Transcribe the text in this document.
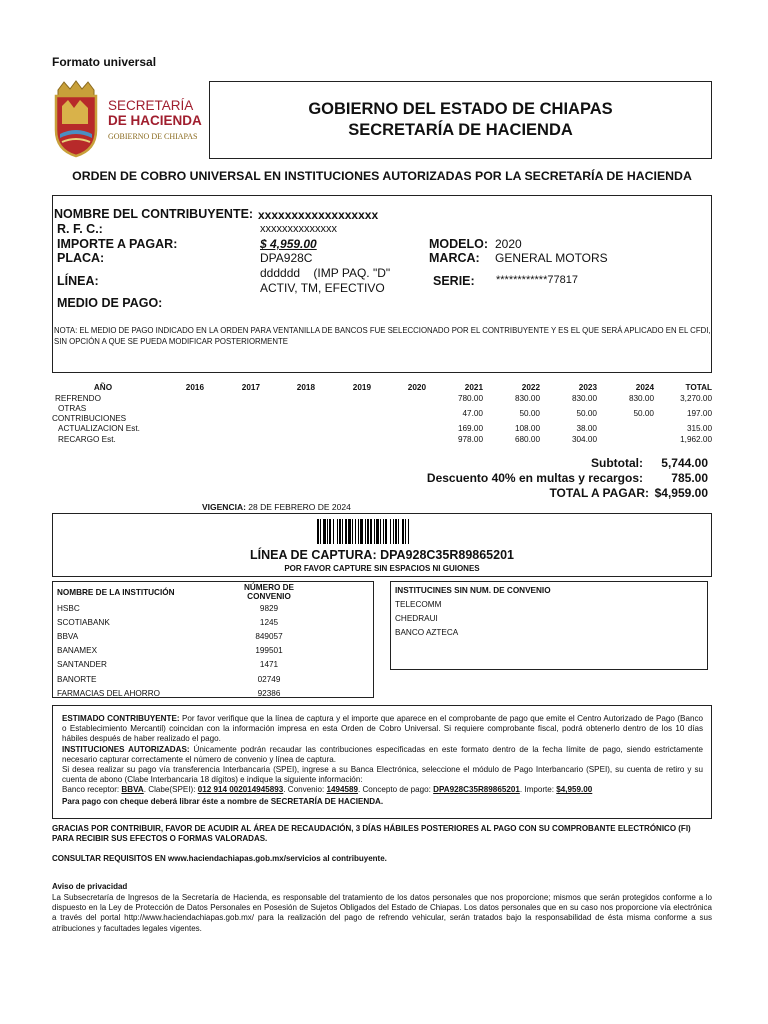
Formato universal
SECRETARÍA
DE HACIENDA
GOBIERNO DE CHIAPAS
GOBIERNO DEL ESTADO DE CHIAPAS
SECRETARÍA DE HACIENDA
ORDEN DE COBRO UNIVERSAL EN INSTITUCIONES AUTORIZADAS POR LA SECRETARÍA DE HACIENDA
NOMBRE DEL CONTRIBUYENTE: xxxxxxxxxxxxxxxxxx
R. F. C.:	xxxxxxxxxxxxxx
IMPORTE A PAGAR:	$ 4,959.00
PLACA:	DPA928C
LÍNEA:
dddddd    (IMP PAQ. "D"
ACTIV, TM, EFECTIVO
MEDIO DE PAGO:
MODELO: 2020
MARCA: GENERAL MOTORS
SERIE: ************77817
NOTA: EL MEDIO DE PAGO INDICADO EN LA ORDEN PARA VENTANILLA DE BANCOS FUE SELECCIONADO POR EL CONTRIBUYENTE Y ES EL QUE SERÁ APLICADO EN EL CFDI, SIN OPCIÓN A QUE SE PUEDA MODIFICAR POSTERIORMENTE
AÑO	2016	2017	2018	2019	2020	2021	2022	2023	2024	TOTAL
REFRENDO						780.00	830.00	830.00	830.00	3,270.00
OTRAS
CONTRIBUCIONES						47.00	50.00	50.00	50.00	197.00
ACTUALIZACION Est.						169.00	108.00	38.00		315.00
RECARGO Est.						978.00	680.00	304.00		1,962.00
Subtotal:	5,744.00
Descuento 40% en multas y recargos:	785.00
TOTAL A PAGAR: $4,959.00
VIGENCIA: 28 DE FEBRERO DE 2024
LÍNEA DE CAPTURA: DPA928C35R89865201
POR FAVOR CAPTURE SIN ESPACIOS NI GUIONES
NOMBRE DE LA INSTITUCIÓN	NÚMERO DE CONVENIO	
HSBC	9829	
SCOTIABANK	1245	
BBVA	849057	
BANAMEX	199501	
SANTANDER	1471	
BANORTE	02749	
FARMACIAS DEL AHORRO	92386	
INSTITUCINES SIN NUM. DE CONVENIO
TELECOMM
CHEDRAUI
BANCO AZTECA

ESTIMADO CONTRIBUYENTE: Por favor verifique que la línea de captura y el importe que aparece en el comprobante de pago que emite el Centro Autorizado de Pago (Banco o Establecimiento Mercantil) coincidan con la información impresa en esta Orden de Cobro Universal. Si requiere comprobante fiscal, podrá obtenerlo dentro de los 10 días hábiles después de haber realizado el pago.

INSTITUCIONES AUTORIZADAS: Únicamente podrán recaudar las contribuciones especificadas en este formato dentro de la fecha límite de pago, siendo estrictamente necesario capturar correctamente el número de convenio y línea de captura.

Si desea realizar su pago vía transferencia Interbancaria (SPEI), ingrese a su Banca Electrónica, seleccione el módulo de Pago Interbancario (SPEI), su cuenta de retiro y su cuenta de abono (Clabe Interbancaria 18 dígitos) e indique la siguiente información:

Banco receptor: BBVA. Clabe(SPEI): 012 914 002014945893. Convenio: 1494589. Concepto de pago: DPA928C35R89865201. Importe: $4,959.00

Para pago con cheque deberá librar éste a nombre de SECRETARÍA DE HACIENDA.

GRACIAS POR CONTRIBUIR, FAVOR DE ACUDIR AL ÁREA DE RECAUDACIÓN, 3 DÍAS HÁBILES POSTERIORES AL PAGO CON SU COMPROBANTE ELECTRÓNICO (FI)
PARA RECIBIR SUS EFECTOS O FORMAS VALORADAS.
CONSULTAR REQUISITOS EN www.haciendachiapas.gob.mx/servicios al contribuyente.
Aviso de privacidad
La Subsecretaría de Ingresos de la Secretaría de Hacienda, es responsable del tratamiento de los datos personales que nos proporcione; mismos que serán protegidos conforme a lo dispuesto en la Ley de Protección de Datos Personales en Posesión de Sujetos Obligados del Estado de Chiapas. Los datos personales que en su caso nos proporcione vía electrónica a través del portal http://www.haciendachiapas.gob.mx/ para la realización del pago de refrendo vehicular, serán tratados bajo la responsabilidad de ésta misma conforme a sus atribuciones y facultades legales vigentes.
